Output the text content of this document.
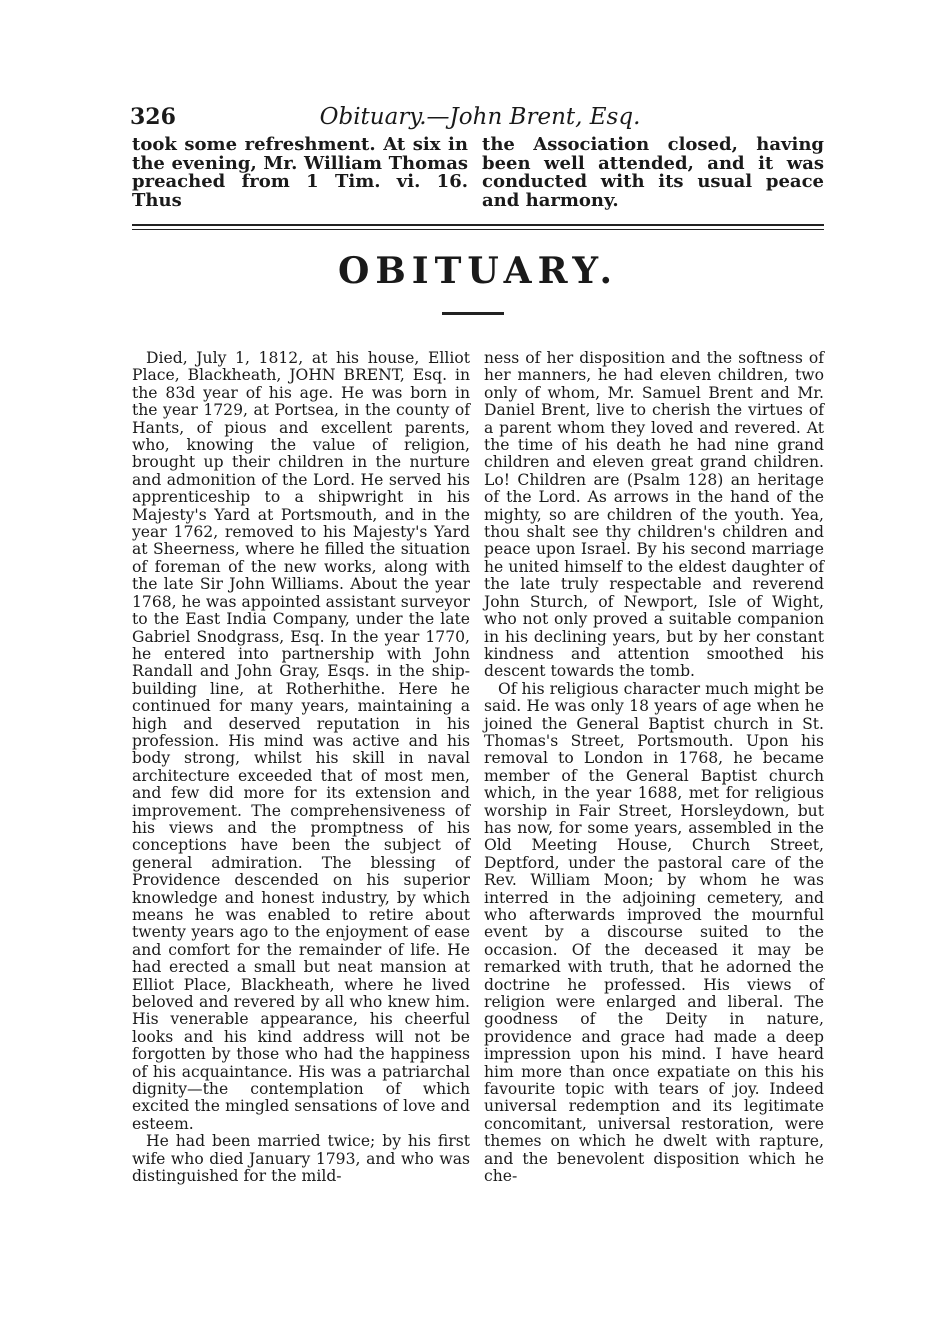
326	Obituary.—John Brent, Esq.

took some refreshment. At six in the evening, Mr. William Thomas preached from 1 Tim. vi. 16. Thus

the Association closed, having been well attended, and it was conducted with its usual peace and harmony.

OBITUARY.

Died, July 1, 1812, at his house, Elliot Place, Blackheath, JOHN BRENT, Esq. in the 83d year of his age. He was born in the year 1729, at Portsea, in the county of Hants, of pious and excellent parents, who, knowing the value of religion, brought up their children in the nurture and admonition of the Lord. He served his apprenticeship to a shipwright in his Majesty's Yard at Portsmouth, and in the year 1762, removed to his Majesty's Yard at Sheerness, where he filled the situation of foreman of the new works, along with the late Sir John Williams. About the year 1768, he was appointed assistant surveyor to the East India Company, under the late Gabriel Snodgrass, Esq. In the year 1770, he entered into partnership with John Randall and John Gray, Esqs. in the ship-building line, at Rotherhithe. Here he continued for many years, maintaining a high and deserved reputation in his profession. His mind was active and his body strong, whilst his skill in naval architecture exceeded that of most men, and few did more for its extension and improvement. The comprehensiveness of his views and the promptness of his conceptions have been the subject of general admiration. The blessing of Providence descended on his superior knowledge and honest industry, by which means he was enabled to retire about twenty years ago to the enjoyment of ease and comfort for the remainder of life. He had erected a small but neat mansion at Elliot Place, Blackheath, where he lived beloved and revered by all who knew him. His venerable appearance, his cheerful looks and his kind address will not be forgotten by those who had the happiness of his acquaintance. His was a patriarchal dignity—the contemplation of which excited the mingled sensations of love and esteem.

He had been married twice; by his first wife who died January 1793, and who was distinguished for the mild-

ness of her disposition and the softness of her manners, he had eleven children, two only of whom, Mr. Samuel Brent and Mr. Daniel Brent, live to cherish the virtues of a parent whom they loved and revered. At the time of his death he had nine grand children and eleven great grand children. Lo! Children are (Psalm 128) an heritage of the Lord. As arrows in the hand of the mighty, so are children of the youth. Yea, thou shalt see thy children's children and peace upon Israel. By his second marriage he united himself to the eldest daughter of the late truly respectable and reverend John Sturch, of Newport, Isle of Wight, who not only proved a suitable companion in his declining years, but by her constant kindness and attention smoothed his descent towards the tomb.

Of his religious character much might be said. He was only 18 years of age when he joined the General Baptist church in St. Thomas's Street, Portsmouth. Upon his removal to London in 1768, he became member of the General Baptist church which, in the year 1688, met for religious worship in Fair Street, Horsleydown, but has now, for some years, assembled in the Old Meeting House, Church Street, Deptford, under the pastoral care of the Rev. William Moon; by whom he was interred in the adjoining cemetery, and who afterwards improved the mournful event by a discourse suited to the occasion. Of the deceased it may be remarked with truth, that he adorned the doctrine he professed. His views of religion were enlarged and liberal. The goodness of the Deity in nature, providence and grace had made a deep impression upon his mind. I have heard him more than once expatiate on this his favourite topic with tears of joy. Indeed universal redemption and its legitimate concomitant, universal restoration, were themes on which he dwelt with rapture, and the benevolent disposition which he che-
